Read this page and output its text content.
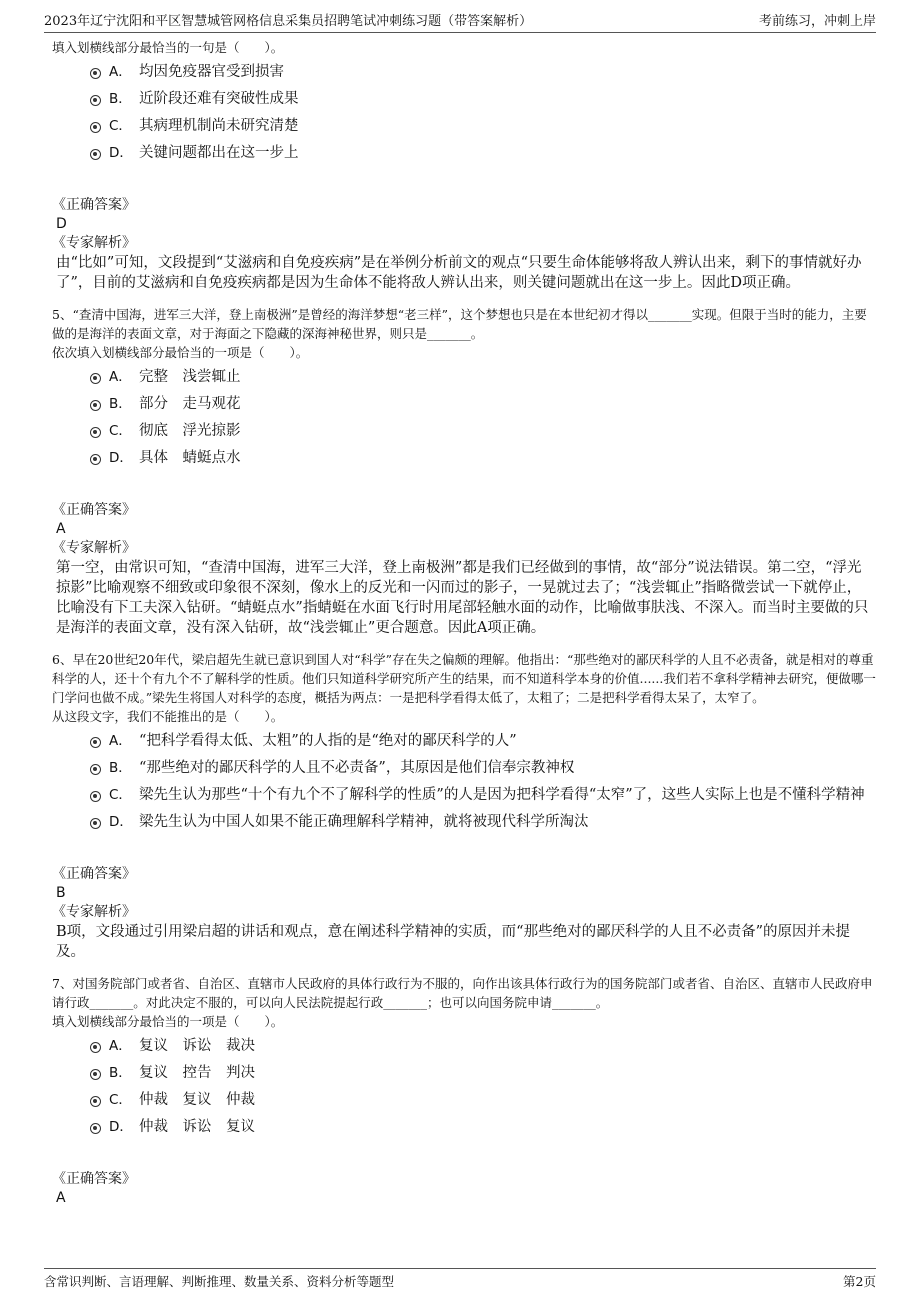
2023年辽宁沈阳和平区智慧城管网格信息采集员招聘笔试冲刺练习题（带答案解析）	考前练习，冲刺上岸

填入划横线部分最恰当的一句是（　　）。

A． 均因免疫器官受到损害
B． 近阶段还难有突破性成果
C． 其病理机制尚未研究清楚
D． 关键问题都出在这一步上

《正确答案》

D

《专家解析》

由“比如”可知，文段提到“艾滋病和自免疫疾病”是在举例分析前文的观点“只要生命体能够将敌人辨认出来，剩下的事情就好办了”，目前的艾滋病和自免疫疾病都是因为生命体不能将敌人辨认出来，则关键问题就出在这一步上。因此D项正确。

5、“查清中国海，进军三大洋，登上南极洲”是曾经的海洋梦想“老三样”，这个梦想也只是在本世纪初才得以_______实现。但限于当时的能力，主要做的是海洋的表面文章，对于海面之下隐藏的深海神秘世界，则只是_______。

依次填入划横线部分最恰当的一项是（　　）。

A． 完整　浅尝辄止
B． 部分　走马观花
C． 彻底　浮光掠影
D． 具体　蜻蜓点水

《正确答案》

A

《专家解析》

第一空，由常识可知，“查清中国海，进军三大洋，登上南极洲”都是我们已经做到的事情，故“部分”说法错误。第二空，“浮光掠影”比喻观察不细致或印象很不深刻，像水上的反光和一闪而过的影子，一晃就过去了；“浅尝辄止”指略微尝试一下就停止，比喻没有下工夫深入钻研。“蜻蜓点水”指蜻蜓在水面飞行时用尾部轻触水面的动作，比喻做事肤浅、不深入。而当时主要做的只是海洋的表面文章，没有深入钻研，故“浅尝辄止”更合题意。因此A项正确。

6、早在20世纪20年代，梁启超先生就已意识到国人对“科学”存在失之偏颇的理解。他指出：“那些绝对的鄙厌科学的人且不必责备，就是相对的尊重科学的人，还十个有九个不了解科学的性质。他们只知道科学研究所产生的结果，而不知道科学本身的价值......我们若不拿科学精神去研究，便做哪一门学问也做不成。”梁先生将国人对科学的态度，概括为两点：一是把科学看得太低了，太粗了；二是把科学看得太呆了，太窄了。

从这段文字，我们不能推出的是（　　）。

A． “把科学看得太低、太粗”的人指的是“绝对的鄙厌科学的人”
B． “那些绝对的鄙厌科学的人且不必责备”，其原因是他们信奉宗教神权
C． 梁先生认为那些“十个有九个不了解科学的性质”的人是因为把科学看得“太窄”了，这些人实际上也是不懂科学精神
D． 梁先生认为中国人如果不能正确理解科学精神，就将被现代科学所淘汰

《正确答案》

B

《专家解析》

B项，文段通过引用梁启超的讲话和观点，意在阐述科学精神的实质，而“那些绝对的鄙厌科学的人且不必责备”的原因并未提及。

7、对国务院部门或者省、自治区、直辖市人民政府的具体行政行为不服的，向作出该具体行政行为的国务院部门或者省、自治区、直辖市人民政府申请行政_______。对此决定不服的，可以向人民法院提起行政_______；也可以向国务院申请_______。

填入划横线部分最恰当的一项是（　　）。

A． 复议　诉讼　裁决
B． 复议　控告　判决
C． 仲裁　复议　仲裁
D． 仲裁　诉讼　复议

《正确答案》

A

含常识判断、言语理解、判断推理、数量关系、资料分析等题型	第2页
